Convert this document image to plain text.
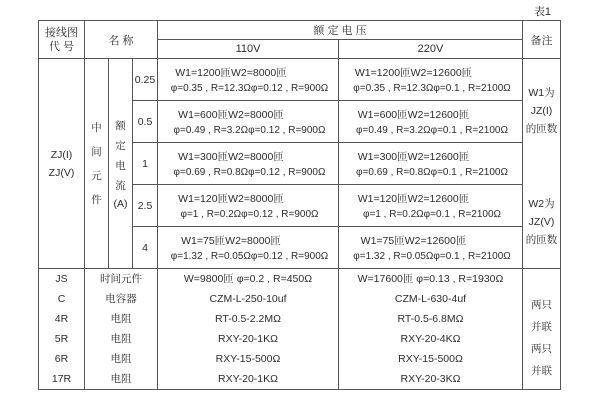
表1
接线图
代 号	名 称
额 定 电 压
110V	220V
备注
ZJ(I)
ZJ(V)
中
间
元
件
额
定
电
流
(A)
0.25
W1=1200匝 W2=8000匝
φ=0.35 , R=12.3Ω φ=0.12 , R=900Ω
W1=1200匝 W2=12600匝
φ=0.35 , R=12.3Ω φ=0.1 , R=2100Ω
0.5
W1=600匝 W2=8000匝
φ=0.49 , R=3.2Ω φ=0.12 , R=900Ω
W1=600匝 W2=12600匝
φ=0.49 , R=3.2Ω φ=0.1 , R=2100Ω
1
W1=300匝 W2=8000匝
φ=0.69 , R=0.8Ω φ=0.12 , R=900Ω
W1=300匝 W2=12600匝
φ=0.69 , R=0.8Ω φ=0.1 , R=2100Ω
2.5
W1=120匝 W2=8000匝
φ=1 , R=0.2Ω φ=0.12 , R=900Ω
W1=120匝 W2=12600匝
φ=1 , R=0.2Ω φ=0.1 , R=2100Ω
4
W1=75匝 W2=8000匝
φ=1.32 , R=0.05Ω φ=0.12 , R=900Ω
W1=75匝 W2=12600匝
φ=1.32 , R=0.05Ω φ=0.1 , R=2100Ω
W1为
JZ(I)
的匝数
W2为
JZ(V)
的匝数
JS
C
4R
5R
6R
17R
时间元件
电容器
电阻
电阻
电阻
电阻
W=9800匝 φ=0.2 , R=450Ω
CZM-L-250-10uf
RT-0.5-2.2MΩ
RXY-20-1KΩ
RXY-15-500Ω
RXY-20-1KΩ
W=17600匝 φ=0.13 , R=1930Ω
CZM-L-630-4uf
RT-0.5-6.8MΩ
RXY-20-4KΩ
RXY-15-500Ω
RXY-20-3KΩ
两只
并联
两只
并联
